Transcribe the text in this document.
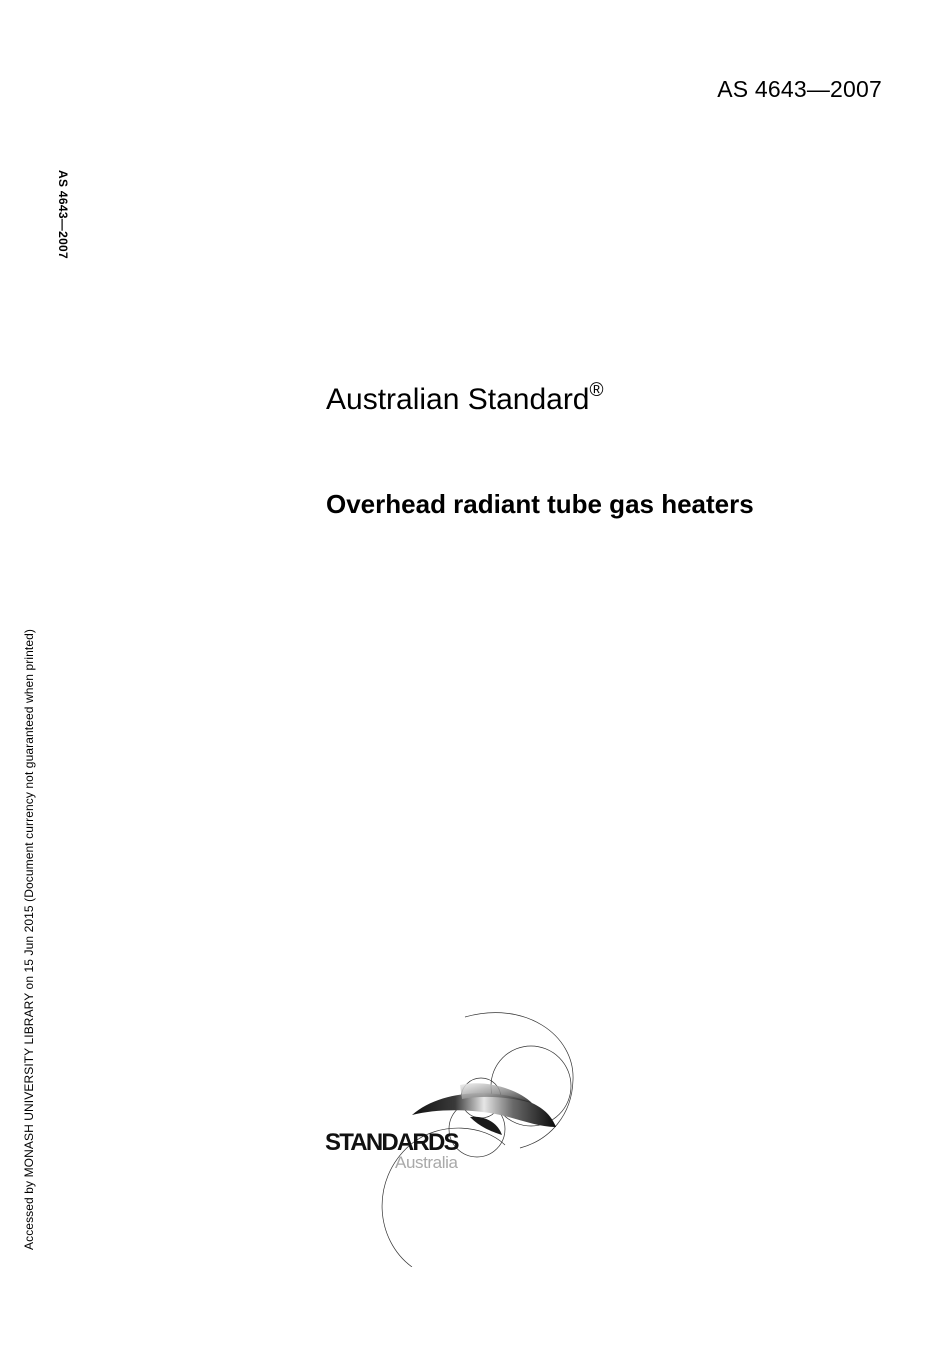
AS 4643—2007
AS 4643—2007
Accessed by MONASH UNIVERSITY LIBRARY on 15 Jun 2015 (Document currency not guaranteed when printed)
Australian Standard®
Overhead radiant tube gas heaters
STANDARDS
Australia
